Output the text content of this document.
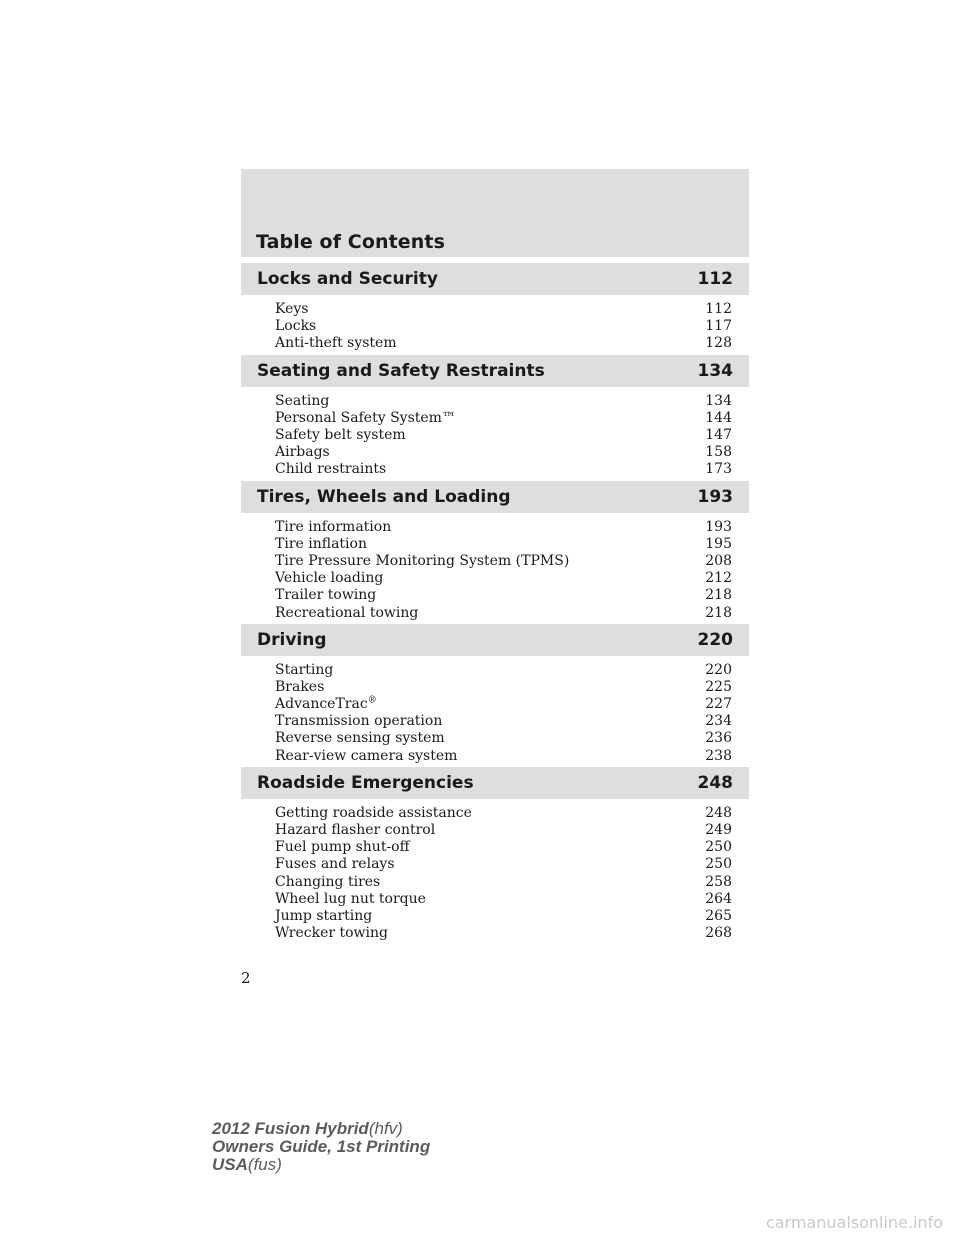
Table of Contents
Locks and Security	112
Keys	112
Locks	117
Anti-theft system	128
Seating and Safety Restraints	134
Seating	134
Personal Safety System™	144
Safety belt system	147
Airbags	158
Child restraints	173
Tires, Wheels and Loading	193
Tire information	193
Tire inflation	195
Tire Pressure Monitoring System (TPMS)	208
Vehicle loading	212
Trailer towing	218
Recreational towing	218
Driving	220
Starting	220
Brakes	225
AdvanceTrac®	227
Transmission operation	234
Reverse sensing system	236
Rear-view camera system	238
Roadside Emergencies	248
Getting roadside assistance	248
Hazard flasher control	249
Fuel pump shut-off	250
Fuses and relays	250
Changing tires	258
Wheel lug nut torque	264
Jump starting	265
Wrecker towing	268
2
2012 Fusion Hybrid(hfv)
Owners Guide, 1st Printing
USA(fus)
carmanualsonline.info
